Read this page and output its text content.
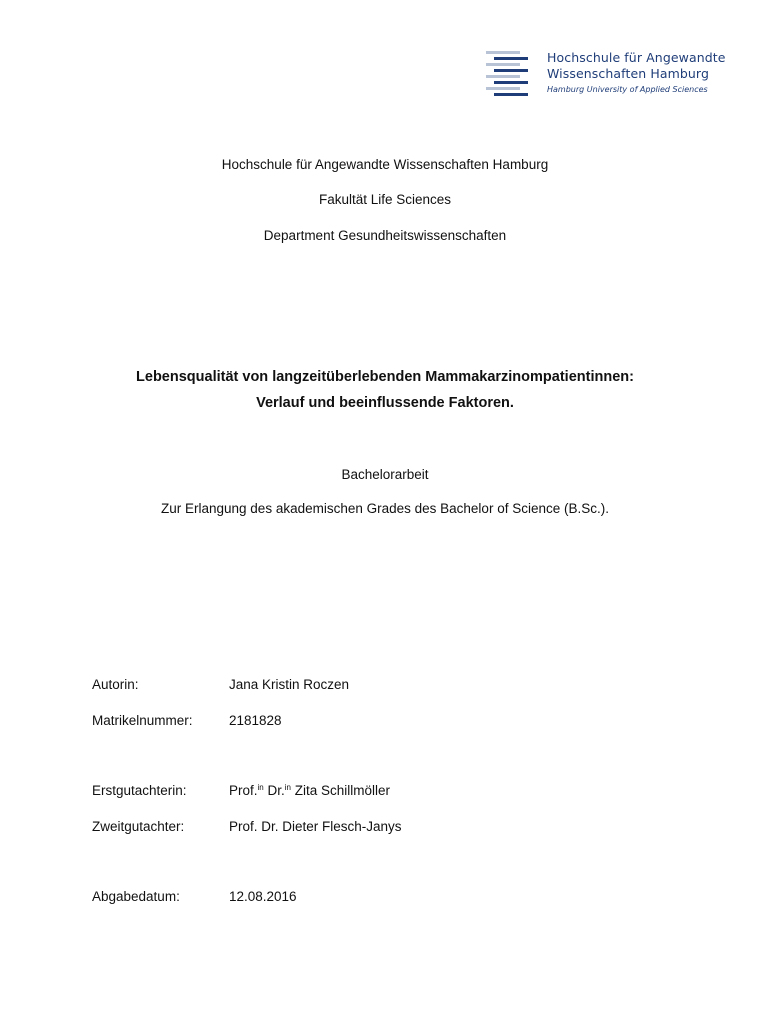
Hochschule für Angewandte
Wissenschaften Hamburg
Hamburg University of Applied Sciences
Hochschule für Angewandte Wissenschaften Hamburg
Fakultät Life Sciences
Department Gesundheitswissenschaften
Lebensqualität von langzeitüberlebenden Mammakarzinompatientinnen:
Verlauf und beeinflussende Faktoren.
Bachelorarbeit
Zur Erlangung des akademischen Grades des Bachelor of Science (B.Sc.).
Autorin:	Jana Kristin Roczen
Matrikelnummer:	2181828
Erstgutachterin:	Prof.$^{in}$ Dr.$^{in}$ Zita Schillmöller
Zweitgutachter:	Prof. Dr. Dieter Flesch-Janys
Abgabedatum:	12.08.2016
